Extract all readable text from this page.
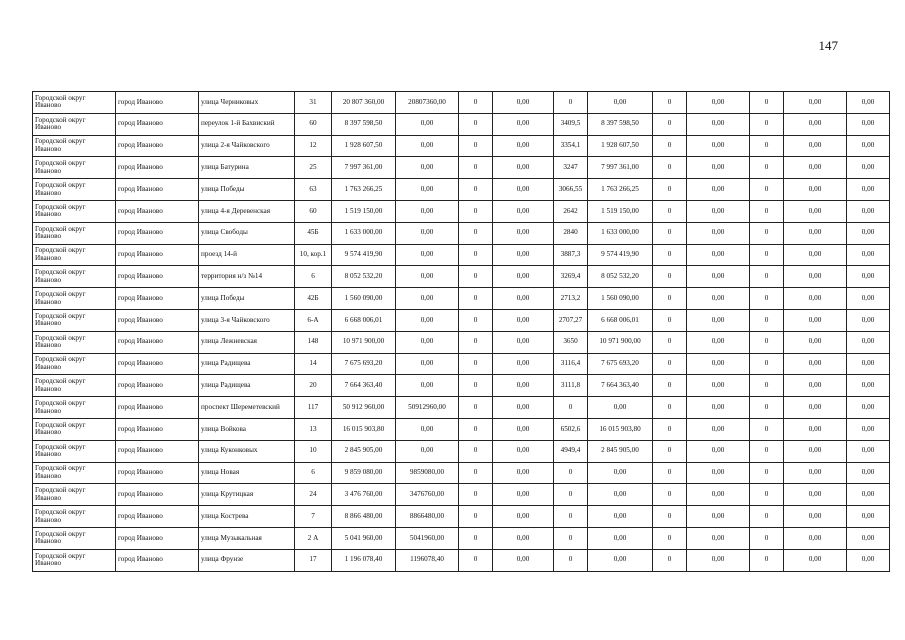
147
Городской округ Иваново	город Иваново	улица Черниковых	31	20 807 360,00	20807360,00	0	0,00	0	0,00	0	0,00	0	0,00	0,00
Городской округ Иваново	город Иваново	переулок 1-й Бахвиский	60	8 397 598,50	0,00	0	0,00	3409,5	8 397 598,50	0	0,00	0	0,00	0,00
Городской округ Иваново	город Иваново	улица 2-я Чайковского	12	1 928 607,50	0,00	0	0,00	3354,1	1 928 607,50	0	0,00	0	0,00	0,00
Городской округ Иваново	город Иваново	улица Батурина	25	7 997 361,00	0,00	0	0,00	3247	7 997 361,00	0	0,00	0	0,00	0,00
Городской округ Иваново	город Иваново	улица Победы	63	1 763 266,25	0,00	0	0,00	3066,55	1 763 266,25	0	0,00	0	0,00	0,00
Городской округ Иваново	город Иваново	улица 4-я Деревенская	60	1 519 150,00	0,00	0	0,00	2642	1 519 150,00	0	0,00	0	0,00	0,00
Городской округ Иваново	город Иваново	улица Свободы	45Б	1 633 000,00	0,00	0	0,00	2840	1 633 000,00	0	0,00	0	0,00	0,00
Городской округ Иваново	город Иваново	проезд 14-й	10, кор.1	9 574 419,90	0,00	0	0,00	3887,3	9 574 419,90	0	0,00	0	0,00	0,00
Городской округ Иваново	город Иваново	территория н/з №14	6	8 052 532,20	0,00	0	0,00	3269,4	8 052 532,20	0	0,00	0	0,00	0,00
Городской округ Иваново	город Иваново	улица Победы	42Б	1 560 090,00	0,00	0	0,00	2713,2	1 560 090,00	0	0,00	0	0,00	0,00
Городской округ Иваново	город Иваново	улица 3-я Чайковского	6-А	6 668 006,01	0,00	0	0,00	2707,27	6 668 006,01	0	0,00	0	0,00	0,00
Городской округ Иваново	город Иваново	улица Лежневская	148	10 971 900,00	0,00	0	0,00	3650	10 971 900,00	0	0,00	0	0,00	0,00
Городской округ Иваново	город Иваново	улица Радищева	14	7 675 693,20	0,00	0	0,00	3116,4	7 675 693,20	0	0,00	0	0,00	0,00
Городской округ Иваново	город Иваново	улица Радищева	20	7 664 363,40	0,00	0	0,00	3111,8	7 664 363,40	0	0,00	0	0,00	0,00
Городской округ Иваново	город Иваново	проспект Шереметевский	117	50 912 960,00	50912960,00	0	0,00	0	0,00	0	0,00	0	0,00	0,00
Городской округ Иваново	город Иваново	улица Войкова	13	16 015 903,80	0,00	0	0,00	6502,6	16 015 903,80	0	0,00	0	0,00	0,00
Городской округ Иваново	город Иваново	улица Куконковых	10	2 845 905,00	0,00	0	0,00	4949,4	2 845 905,00	0	0,00	0	0,00	0,00
Городской округ Иваново	город Иваново	улица Новая	6	9 859 080,00	9859080,00	0	0,00	0	0,00	0	0,00	0	0,00	0,00
Городской округ Иваново	город Иваново	улица Крутицкая	24	3 476 760,00	3476760,00	0	0,00	0	0,00	0	0,00	0	0,00	0,00
Городской округ Иваново	город Иваново	улица Кострева	7	8 866 480,00	8866480,00	0	0,00	0	0,00	0	0,00	0	0,00	0,00
Городской округ Иваново	город Иваново	улица Музыкальная	2 А	5 041 960,00	5041960,00	0	0,00	0	0,00	0	0,00	0	0,00	0,00
Городской округ Иваново	город Иваново	улица Фрунзе	17	1 196 078,40	1196078,40	0	0,00	0	0,00	0	0,00	0	0,00	0,00
